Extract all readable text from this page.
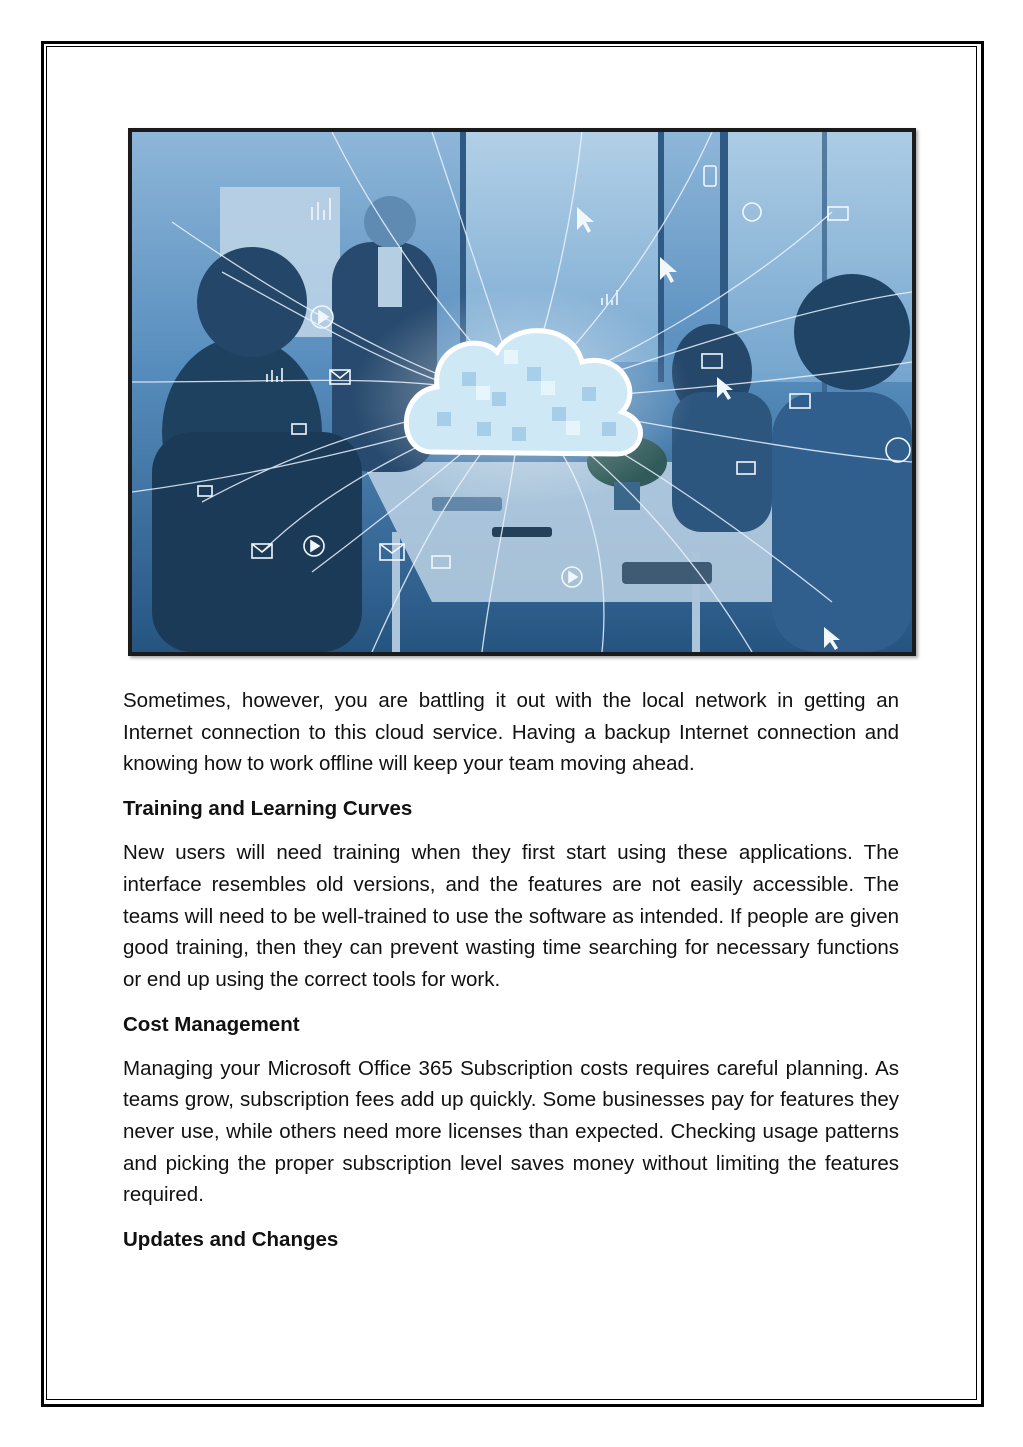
Sometimes, however, you are battling it out with the local network in getting an Internet connection to this cloud service. Having a backup Internet connection and knowing how to work offline will keep your team moving ahead.

Training and Learning Curves

New users will need training when they first start using these applications. The interface resembles old versions, and the features are not easily accessible. The teams will need to be well-trained to use the software as intended. If people are given good training, then they can prevent wasting time searching for necessary functions or end up using the correct tools for work.

Cost Management

Managing your Microsoft Office 365 Subscription costs requires careful planning. As teams grow, subscription fees add up quickly. Some businesses pay for features they never use, while others need more licenses than expected. Checking usage patterns and picking the proper subscription level saves money without limiting the features required.

Updates and Changes
